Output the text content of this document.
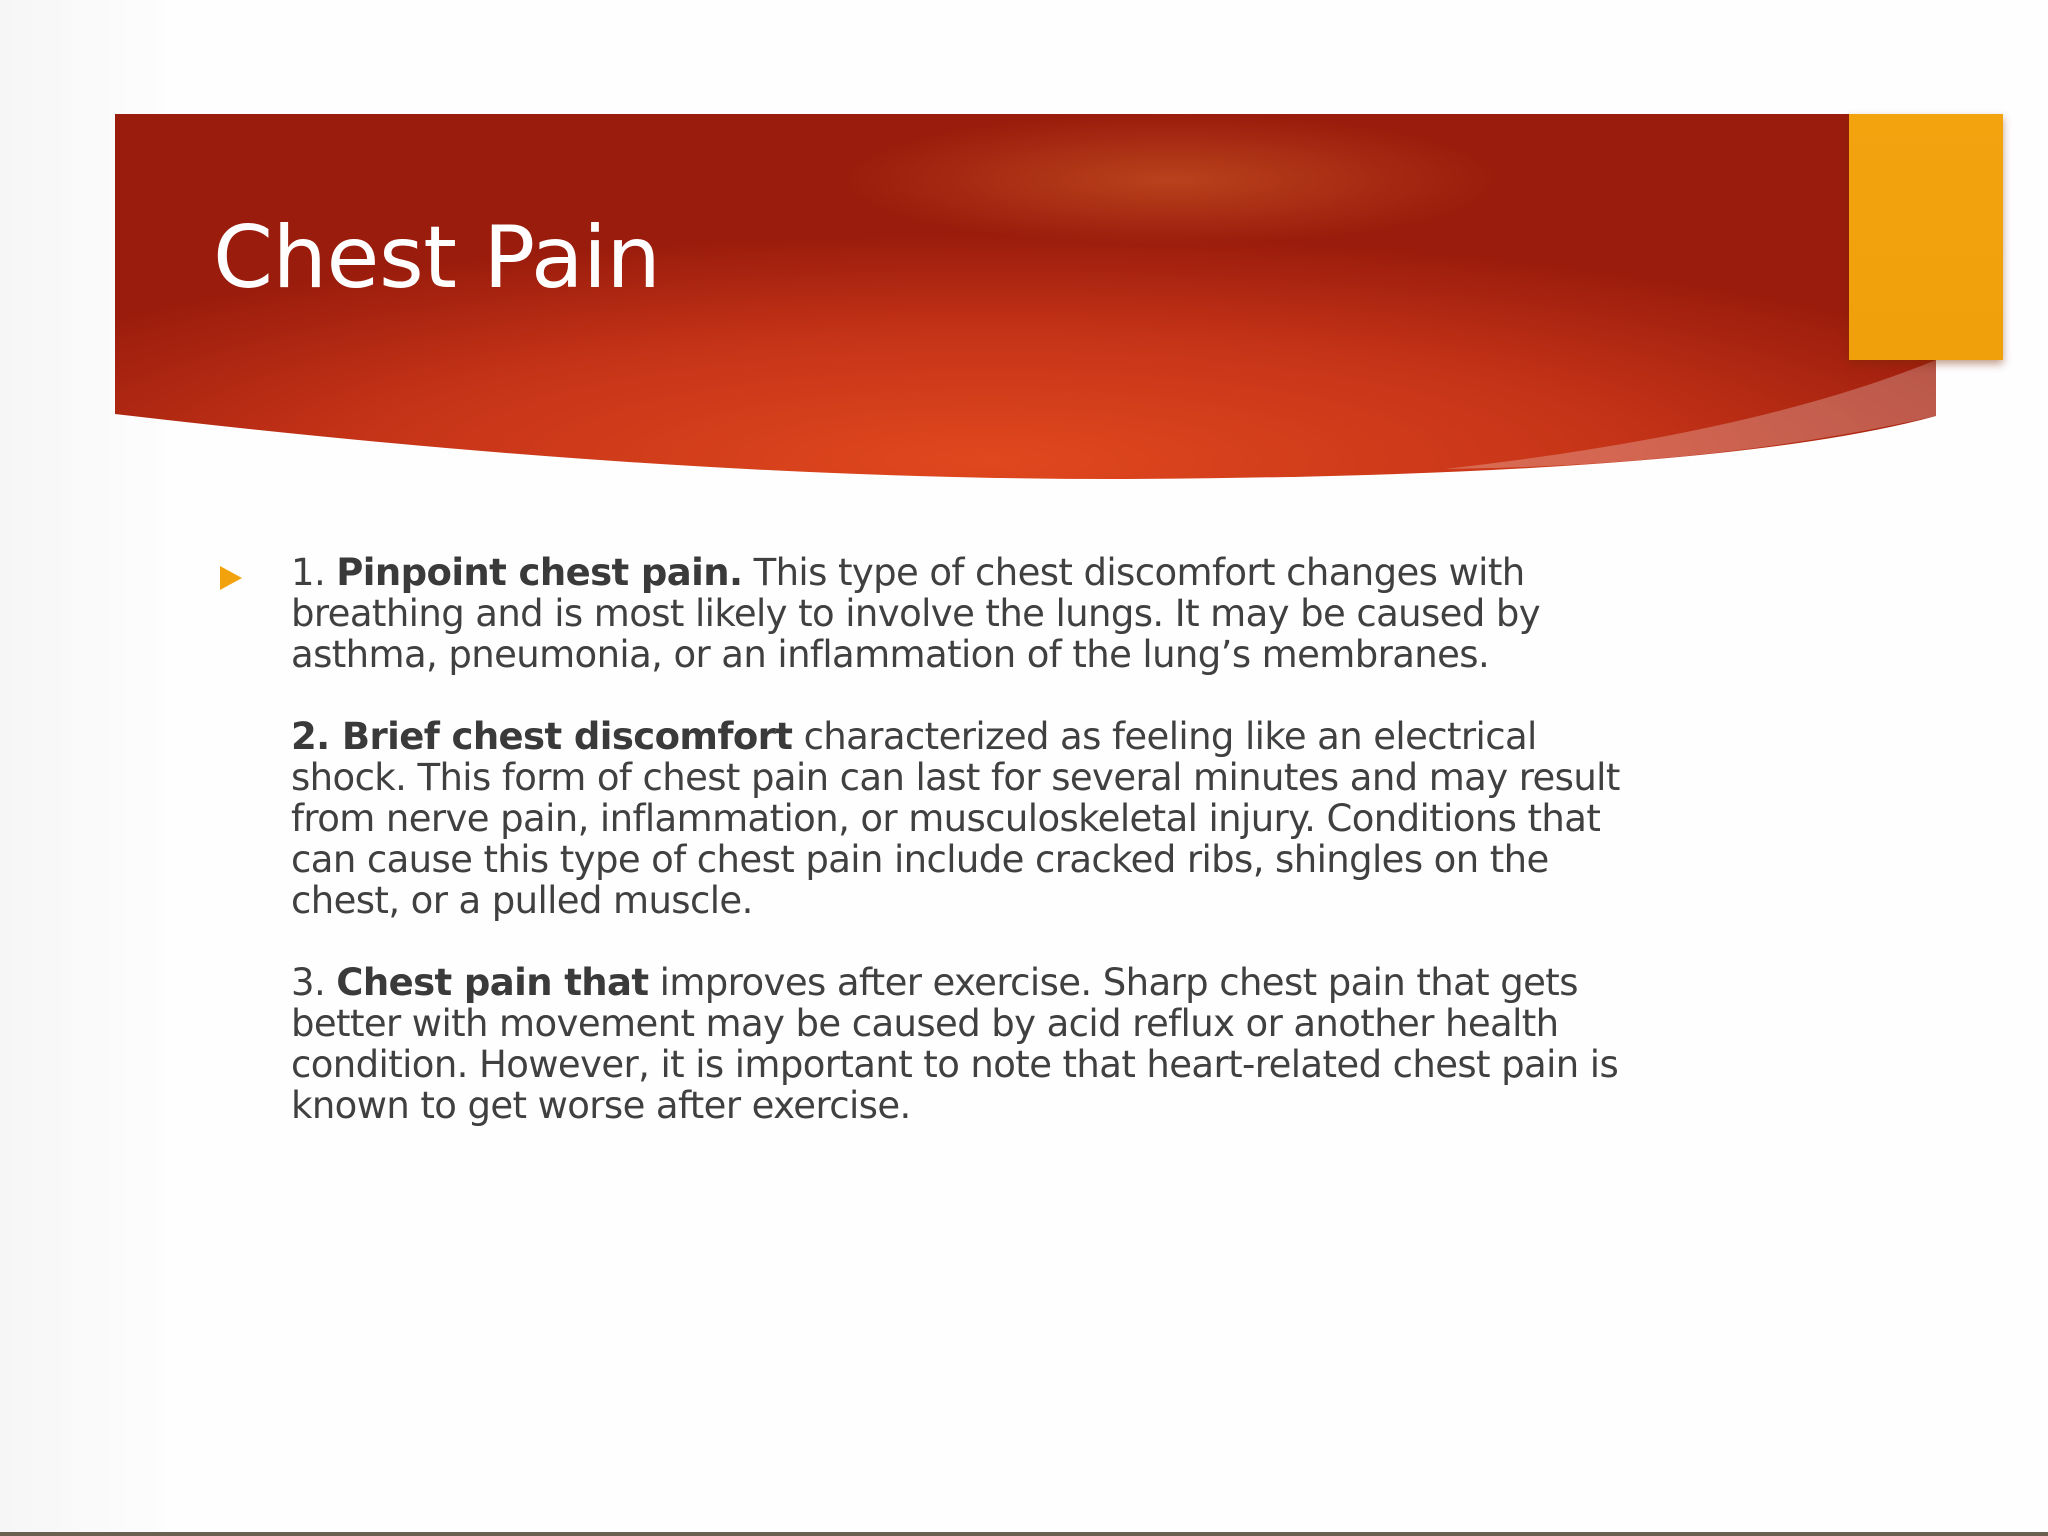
Chest Pain

1. Pinpoint chest pain. This type of chest discomfort changes with breathing and is most likely to involve the lungs. It may be caused by asthma, pneumonia, or an inflammation of the lung’s membranes.

2. Brief chest discomfort characterized as feeling like an electrical shock. This form of chest pain can last for several minutes and may result from nerve pain, inflammation, or musculoskeletal injury. Conditions that can cause this type of chest pain include cracked ribs, shingles on the chest, or a pulled muscle.

3. Chest pain that improves after exercise. Sharp chest pain that gets better with movement may be caused by acid reflux or another health condition. However, it is important to note that heart-related chest pain is known to get worse after exercise.
